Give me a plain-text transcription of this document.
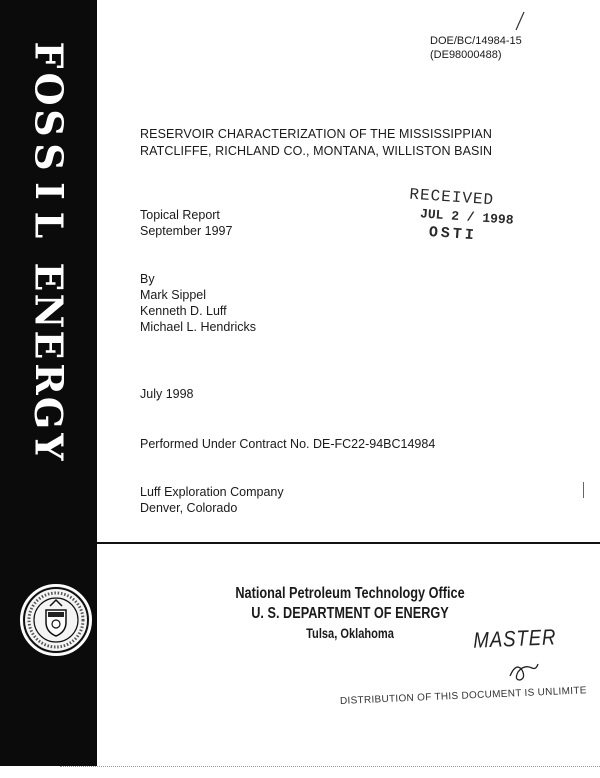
F
O
S
S
I
L
E
N
E
R
G
Y
DOE/BC/14984-15
(DE98000488)
RESERVOIR CHARACTERIZATION OF THE MISSISSIPPIAN
RATCLIFFE, RICHLAND CO., MONTANA, WILLISTON BASIN
RECEIVED
JUL 2 / 1998
OSTI
Topical Report
September 1997
By
Mark Sippel
Kenneth D. Luff
Michael L. Hendricks
July 1998
Performed Under Contract No. DE-FC22-94BC14984
Luff Exploration Company
Denver, Colorado
National Petroleum Technology Office
U. S. DEPARTMENT OF ENERGY
Tulsa, Oklahoma	MASTER
DISTRIBUTION OF THIS DOCUMENT IS UNLIMITE
